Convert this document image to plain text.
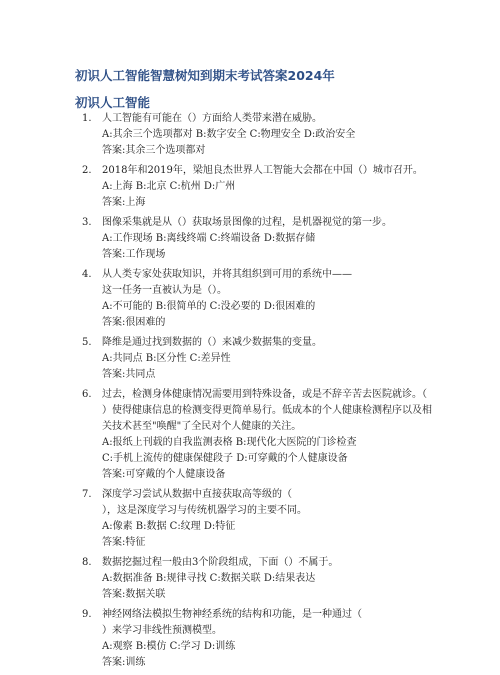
初识人工智能智慧树知到期末考试答案2024年
初识人工智能
1. 人工智能有可能在（）方面给人类带来潜在威胁。
A:其余三个选项都对 B:数字安全 C:物理安全 D:政治安全
答案:其余三个选项都对
2. 2018年和2019年，梁旭良杰世界人工智能大会都在中国（）城市召开。
A:上海 B:北京 C:杭州 D:广州
答案:上海
3. 图像采集就是从（）获取场景图像的过程，是机器视觉的第一步。
A:工作现场 B:离线终端 C:终端设备 D:数据存储
答案:工作现场
4. 从人类专家处获取知识，并将其组织到可用的系统中——
这一任务一直被认为是（）。
A:不可能的 B:很简单的 C:没必要的 D:很困难的
答案:很困难的
5. 降维是通过找到数据的（）来减少数据集的变量。
A:共同点 B:区分性 C:差异性
答案:共同点
6. 过去，检测身体健康情况需要用到特殊设备，或是不辞辛苦去医院就诊。（
）使得健康信息的检测变得更简单易行。低成本的个人健康检测程序以及相
关技术甚至"唤醒"了全民对个人健康的关注。
A:报纸上刊载的自我监测表格 B:现代化大医院的门诊检查
C:手机上流传的健康保健段子 D:可穿戴的个人健康设备
答案:可穿戴的个人健康设备
7. 深度学习尝试从数据中直接获取高等级的（
），这是深度学习与传统机器学习的主要不同。
A:像素 B:数据 C:纹理 D:特征
答案:特征
8. 数据挖掘过程一般由3个阶段组成，下面（）不属于。
A:数据准备 B:规律寻找 C:数据关联 D:结果表达
答案:数据关联
9. 神经网络法模拟生物神经系统的结构和功能，是一种通过（
）来学习非线性预测模型。
A:观察 B:模仿 C:学习 D:训练
答案:训练
